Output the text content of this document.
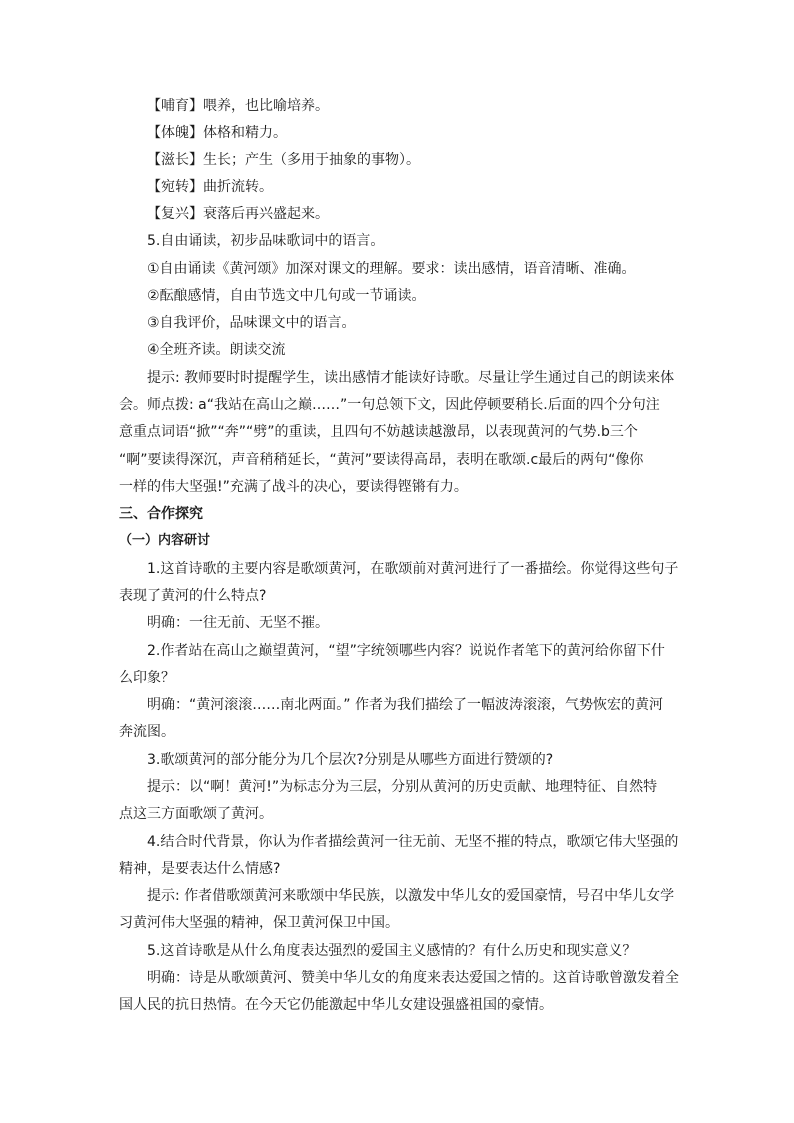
【哺育】喂养，也比喻培养。
【体魄】体格和精力。
【滋长】生长；产生（多用于抽象的事物）。
【宛转】曲折流转。
【复兴】衰落后再兴盛起来。
5.自由诵读，初步品味歌词中的语言。
①自由诵读《黄河颂》加深对课文的理解。要求：读出感情，语音清晰、准确。
②酝酿感情，自由节选文中几句或一节诵读。
③自我评价，品味课文中的语言。
④全班齐读。朗读交流
提示: 教师要时时提醒学生，读出感情才能读好诗歌。尽量让学生通过自己的朗读来体
会。师点拨: a“我站在高山之巅……”一句总领下文，因此停顿要稍长.后面的四个分句注
意重点词语“掀”“奔”“劈”的重读，且四句不妨越读越激昂，以表现黄河的气势.b三个
“啊”要读得深沉，声音稍稍延长，“黄河”要读得高昂，表明在歌颂.c最后的两句“像你
一样的伟大坚强!”充满了战斗的决心，要读得铿锵有力。
三、合作探究
（一）内容研讨
1.这首诗歌的主要内容是歌颂黄河，在歌颂前对黄河进行了一番描绘。你觉得这些句子
表现了黄河的什么特点?
明确：一往无前、无坚不摧。
2.作者站在高山之巅望黄河，“望”字统领哪些内容？说说作者笔下的黄河给你留下什
么印象？
明确：“黄河滚滚……南北两面。” 作者为我们描绘了一幅波涛滚滚，气势恢宏的黄河
奔流图。
3.歌颂黄河的部分能分为几个层次?分别是从哪些方面进行赞颂的?
提示：以“啊！黄河!”为标志分为三层，分别从黄河的历史贡献、地理特征、自然特
点这三方面歌颂了黄河。
4.结合时代背景，你认为作者描绘黄河一往无前、无坚不摧的特点，歌颂它伟大坚强的
精神，是要表达什么情感?
提示: 作者借歌颂黄河来歌颂中华民族，以激发中华儿女的爱国豪情，号召中华儿女学
习黄河伟大坚强的精神，保卫黄河保卫中国。
5.这首诗歌是从什么角度表达强烈的爱国主义感情的？有什么历史和现实意义？
明确：诗是从歌颂黄河、赞美中华儿女的角度来表达爱国之情的。这首诗歌曾激发着全
国人民的抗日热情。在今天它仍能激起中华儿女建设强盛祖国的豪情。
